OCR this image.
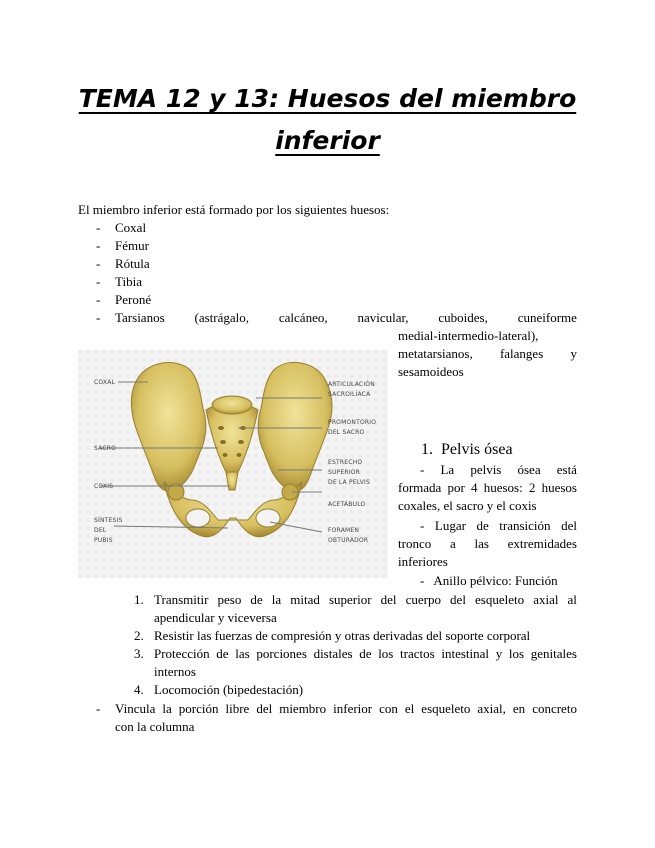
TEMA 12 y 13: Huesos del miembro
inferior
El miembro inferior está formado por los siguientes huesos:
- Coxal
- Fémur
- Rótula
- Tibia
- Peroné
- Tarsianos (astrágalo, calcáneo, navicular, cuboides, cuneiforme
medial-intermedio-lateral),
metatarsianos, falanges y
sesamoideos
COXAL
SACRO
COXIS
SÍNTESIS
DEL
PUBIS
ARTICULACIÓN
SACROILÍACA
PROMONTORIO
DEL SACRO
ESTRECHO
SUPERIOR
DE LA PELVIS
ACETÁBULO
FORAMEN
OBTURADOR
1. Pelvis ósea
- La pelvis ósea está
formada por 4 huesos: 2 huesos
coxales, el sacro y el coxis
- Lugar de transición del
tronco a las extremidades
inferiores
-   Anillo pélvico: Función
1. Transmitir peso de la mitad superior del cuerpo del esqueleto axial al
apendicular y viceversa
2. Resistir las fuerzas de compresión y otras derivadas del soporte corporal
3. Protección de las porciones distales de los tractos intestinal y los genitales
internos
4. Locomoción (bipedestación)
- Vincula la porción libre del miembro inferior con el esqueleto axial, en concreto
con la columna
